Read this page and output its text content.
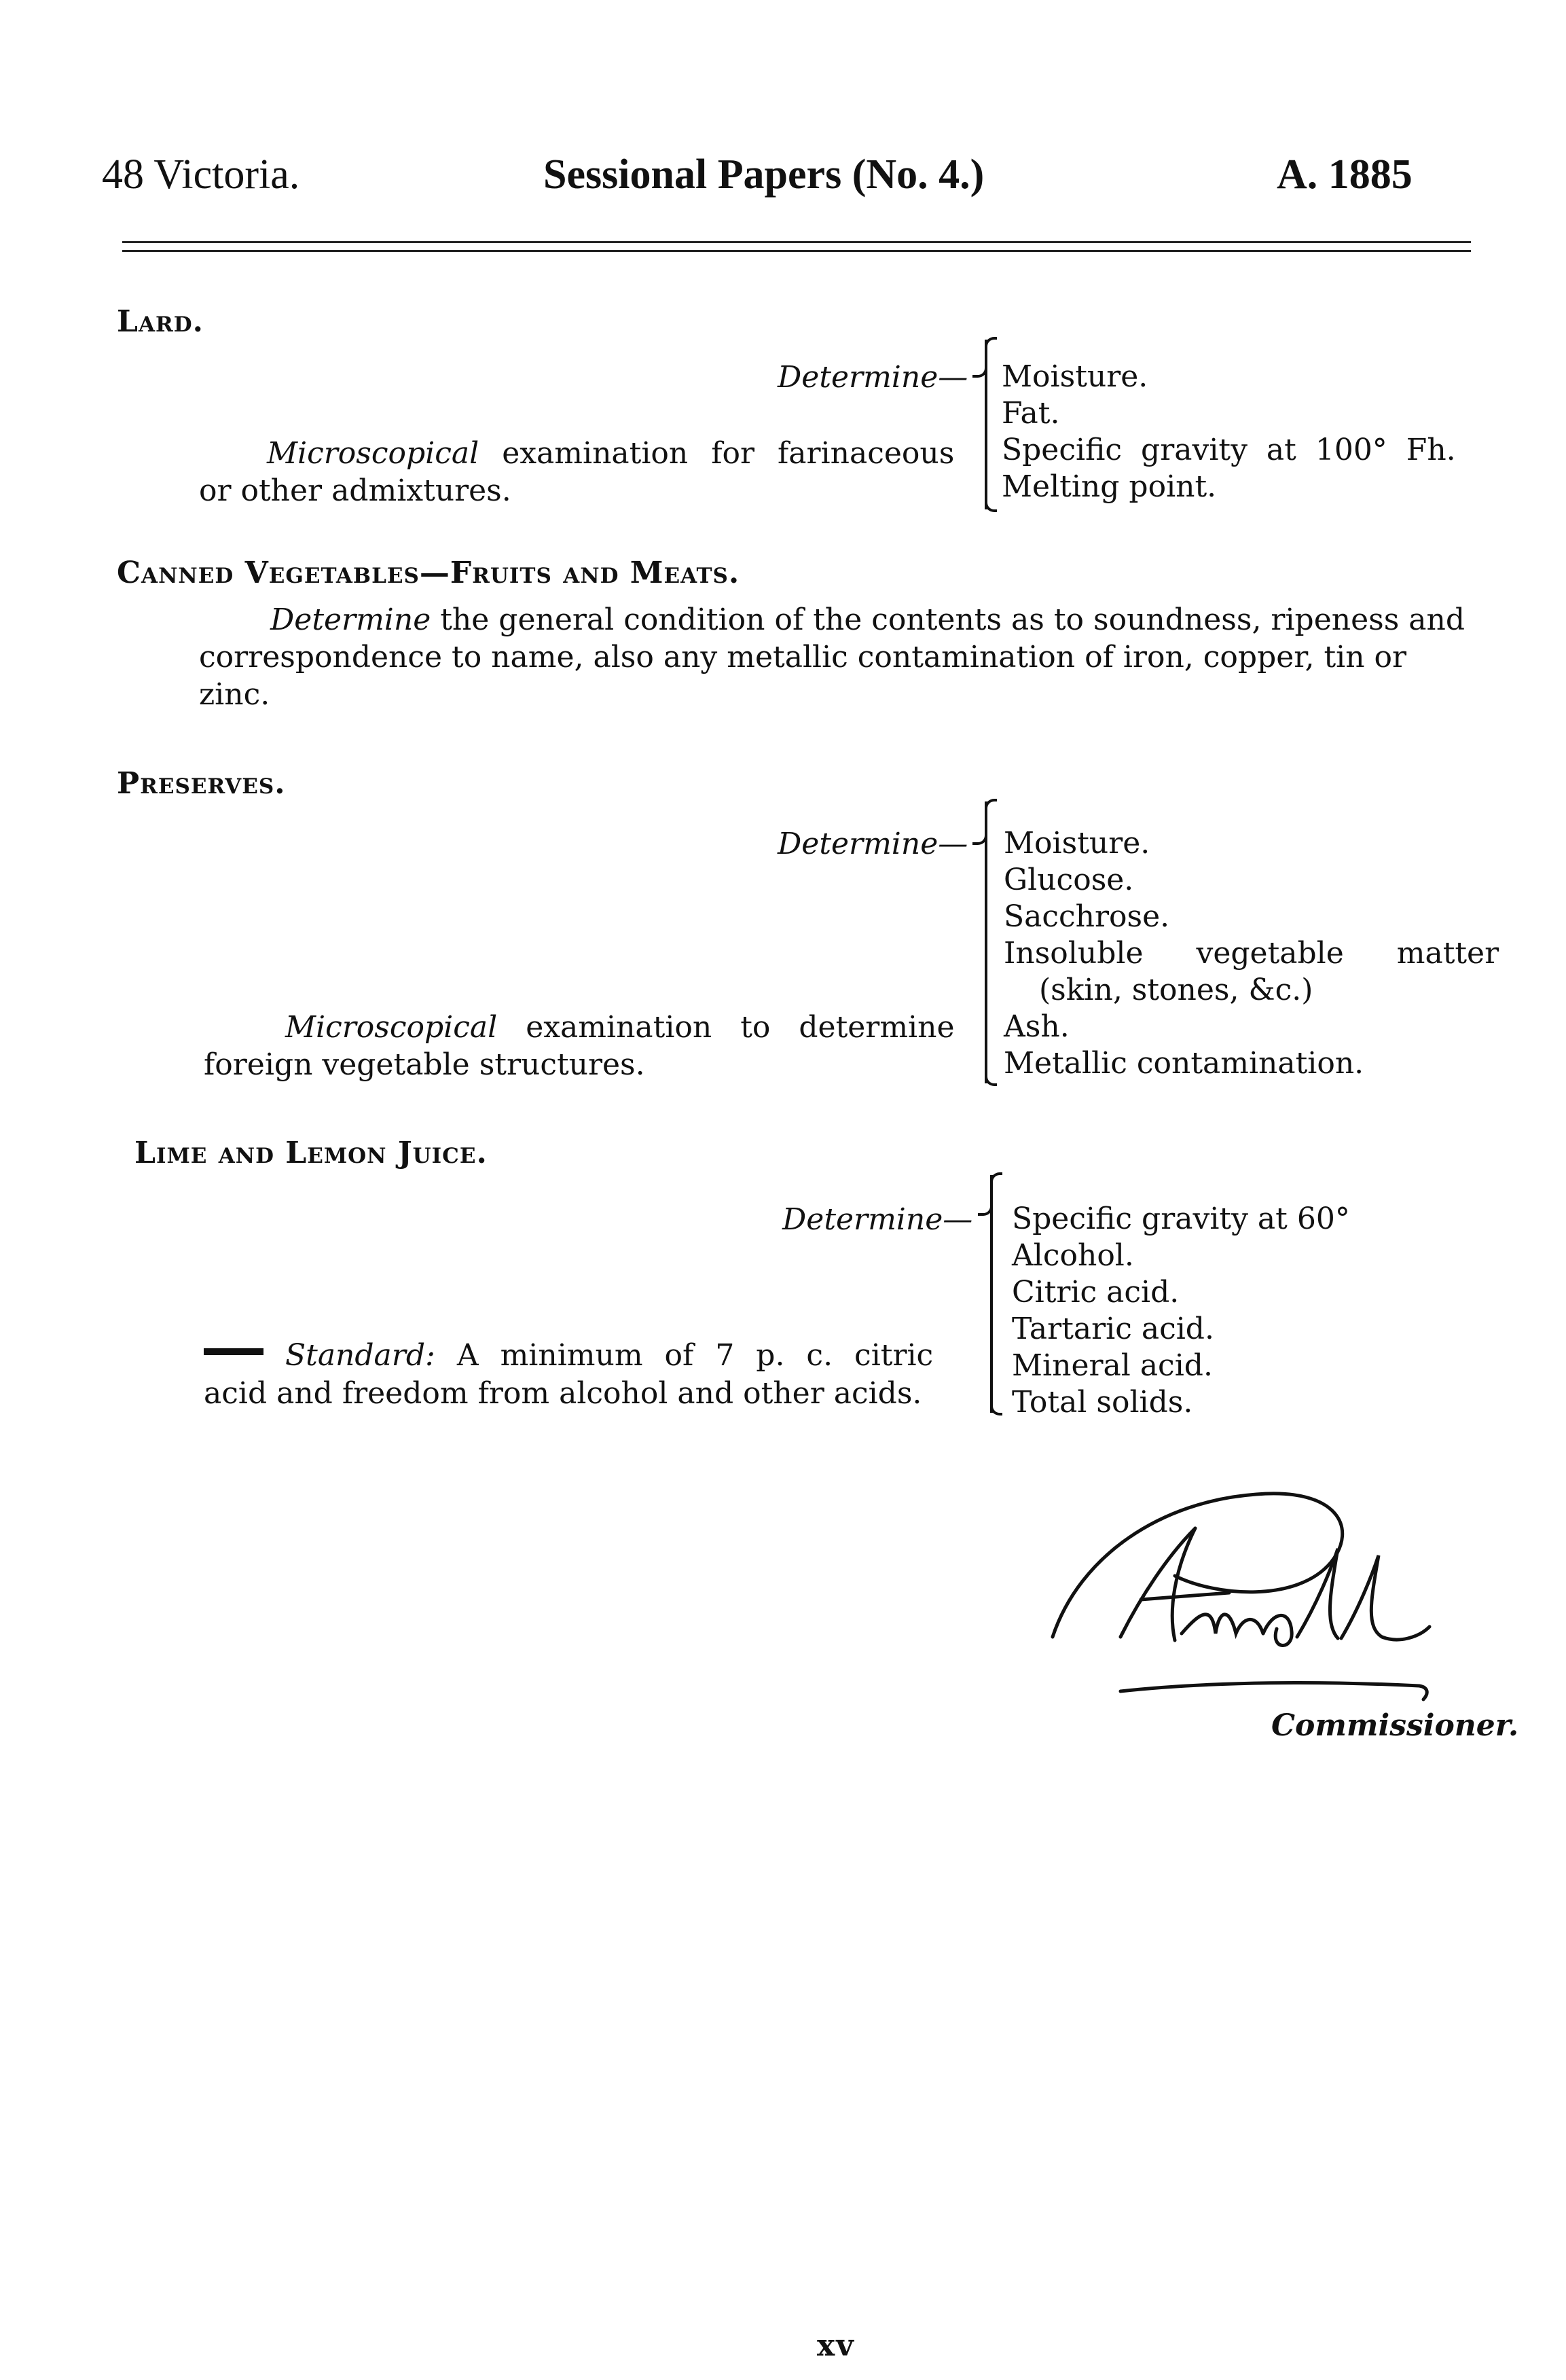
48 Victoria.	Sessional Papers (No. 4.)	A. 1885
Lard.
Determine— Moisture.
Fat.
Specific gravity at 100° Fh.
Melting point.
Microscopical examination for farinaceous
or other admixtures.
Canned Vegetables—Fruits and Meats.
Determine the general condition of the contents as to soundness, ripeness and
correspondence to name, also any metallic contamination of iron, copper, tin or
zinc.
Preserves.
Determine— Moisture.
Glucose.
Sacchrose.
Insoluble vegetable matter
(skin, stones, &c.)
Ash.
Metallic contamination.
Microscopical examination to determine
foreign vegetable structures.
Lime and Lemon Juice.
Determine— Specific gravity at 60°
Alcohol.
Citric acid.
Tartaric acid.
Mineral acid.
Total solids.
Standard: A minimum of 7 p. c. citric
acid and freedom from alcohol and other acids.
Commissioner.
xv
